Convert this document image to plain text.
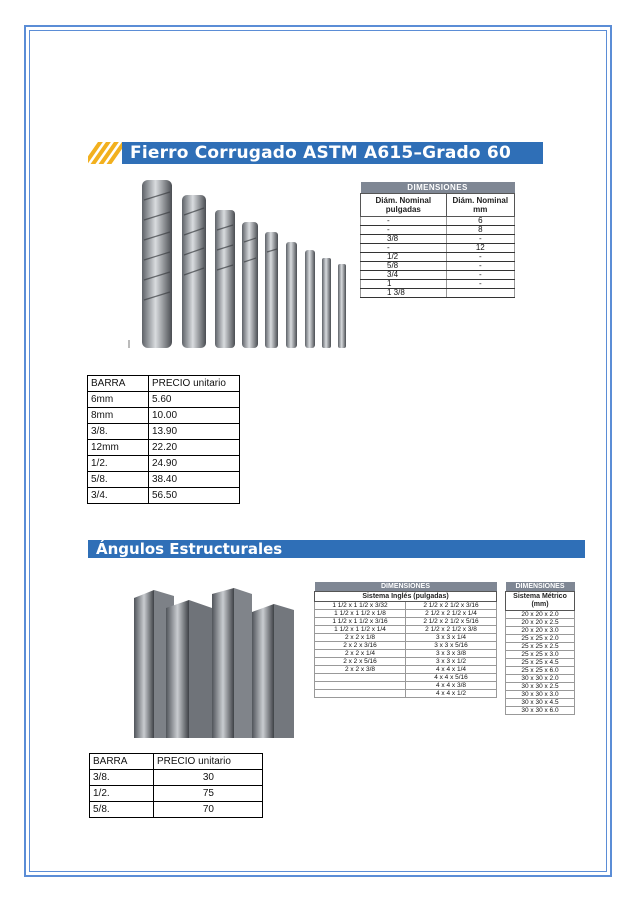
Fierro Corrugado ASTM A615–Grado 60
DIMENSIONES	
Diám. Nominal pulgadas	Diám. Nominal mm
-	6
-	8
3/8	-
-	12
1/2	-
5/8	-
3/4	-
1	-
1 3/8	
BARRA	PRECIO unitario
6mm	5.60
8mm	10.00
3/8.	13.90
12mm	22.20
1/2.	24.90
5/8.	38.40
3/4.	56.50
Ángulos Estructurales
DIMENSIONES	
Sistema Inglés (pulgadas)	
1 1/2 x 1 1/2 x 3/32	2 1/2 x 2 1/2 x 3/16
1 1/2 x 1 1/2 x 1/8	2 1/2 x 2 1/2 x 1/4
1 1/2 x 1 1/2 x 3/16	2 1/2 x 2 1/2 x 5/16
1 1/2 x 1 1/2 x 1/4	2 1/2 x 2 1/2 x 3/8
2 x 2 x 1/8	3 x 3 x 1/4
2 x 2 x 3/16	3 x 3 x 5/16
2 x 2 x 1/4	3 x 3 x 3/8
2 x 2 x 5/16	3 x 3 x 1/2
2 x 2 x 3/8	4 x 4 x 1/4
	4 x 4 x 5/16
	4 x 4 x 3/8
	4 x 4 x 1/2
DIMENSIONES
Sistema Métrico (mm)
20 x 20 x 2.0
20 x 20 x 2.5
20 x 20 x 3.0
25 x 25 x 2.0
25 x 25 x 2.5
25 x 25 x 3.0
25 x 25 x 4.5
25 x 25 x 6.0
30 x 30 x 2.0
30 x 30 x 2.5
30 x 30 x 3.0
30 x 30 x 4.5
30 x 30 x 6.0
BARRA	PRECIO unitario
3/8.	30
1/2.	75
5/8.	70
